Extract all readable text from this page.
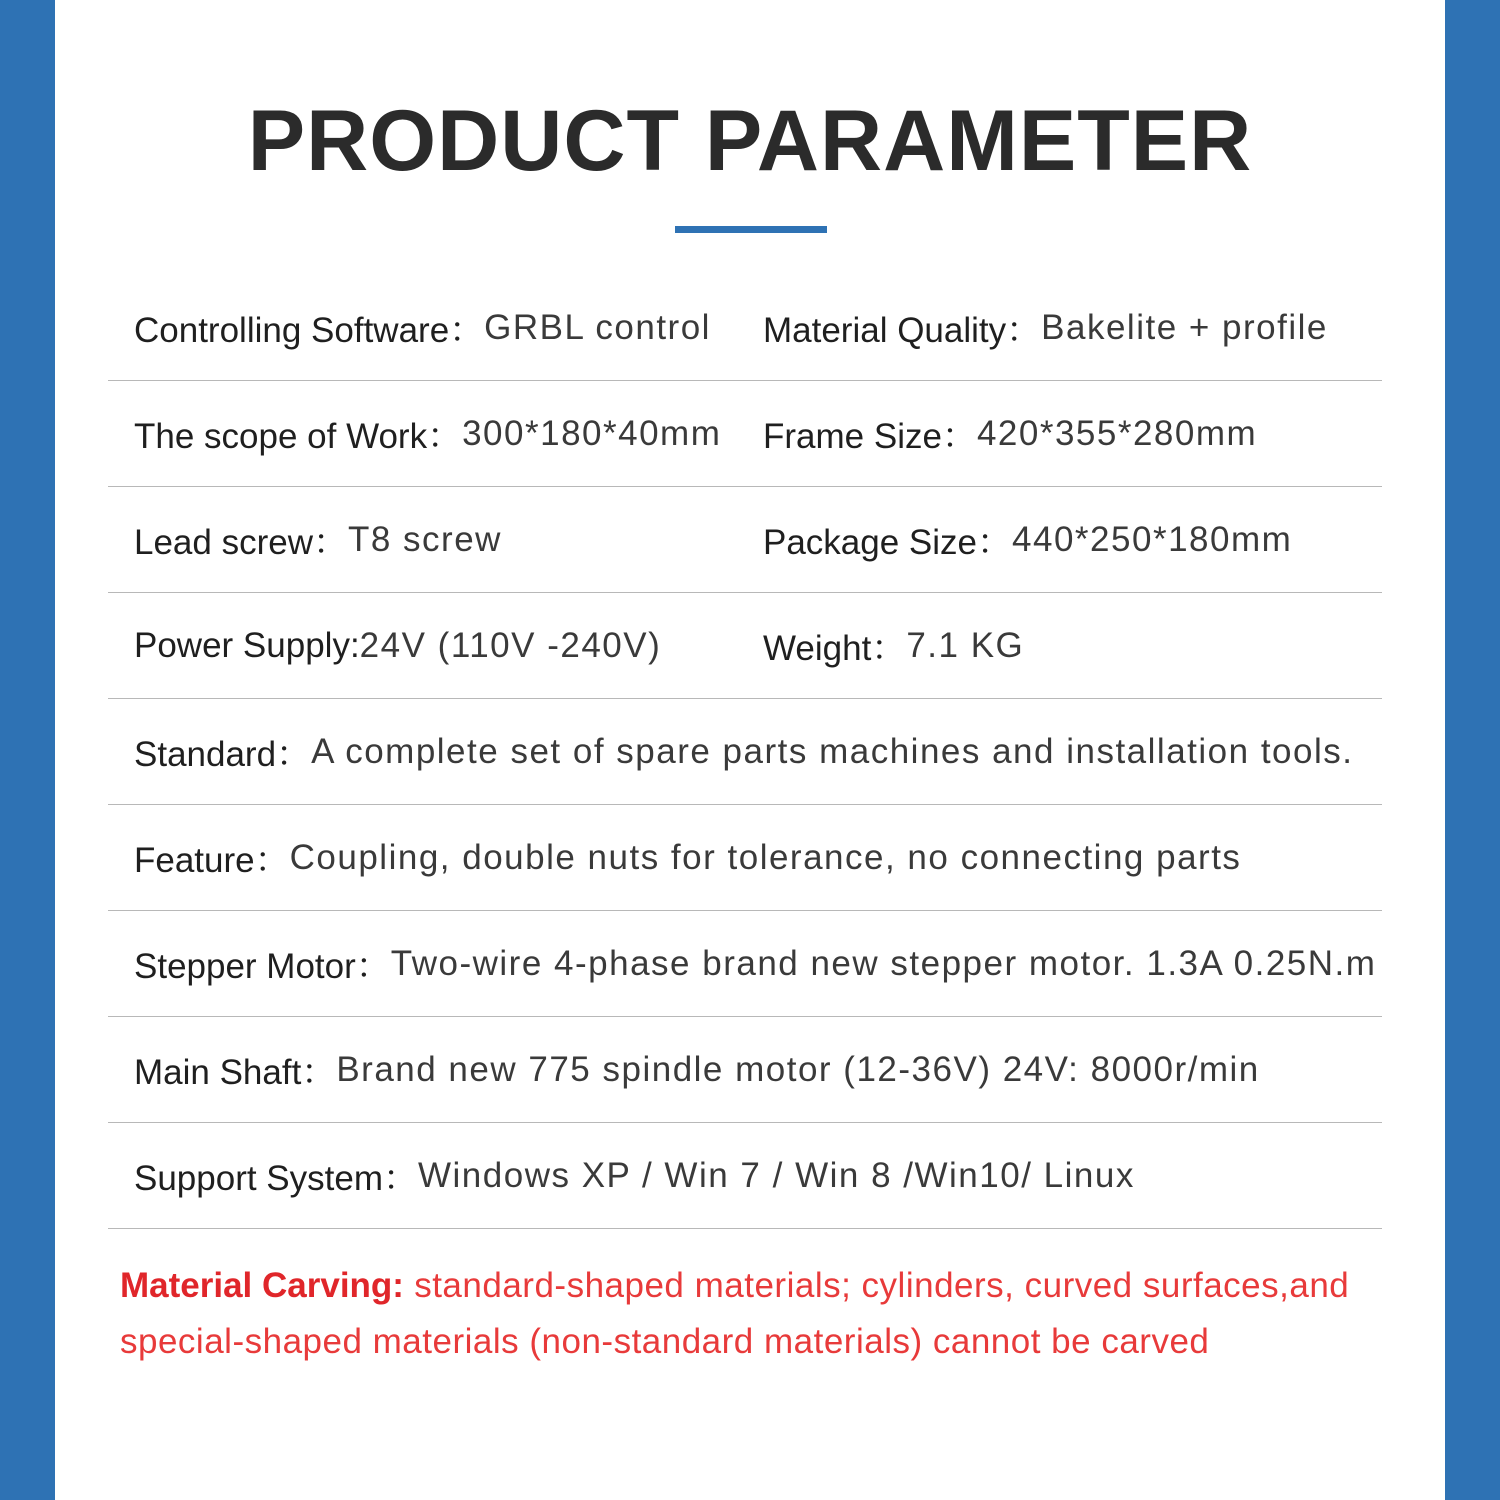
PRODUCT PARAMETER
Controlling Software： GRBL control Material Quality： Bakelite + profile
The scope of Work： 300*180*40mm Frame Size： 420*355*280mm
Lead screw： T8 screw	Package Size： 440*250*180mm
Power Supply: 24V (110V -240V)	Weight： 7.1 KG
Standard： A complete set of spare parts machines and installation tools.
Feature： Coupling, double nuts for tolerance, no connecting parts
Stepper Motor： Two-wire 4-phase brand new stepper motor. 1.3A 0.25N.m
Main Shaft： Brand new 775 spindle motor (12-36V) 24V: 8000r/min
Support System： Windows XP / Win 7 / Win 8 /Win10/ Linux
Material Carving: standard-shaped materials; cylinders, curved surfaces,and special-shaped materials (non-standard materials) cannot be carved
